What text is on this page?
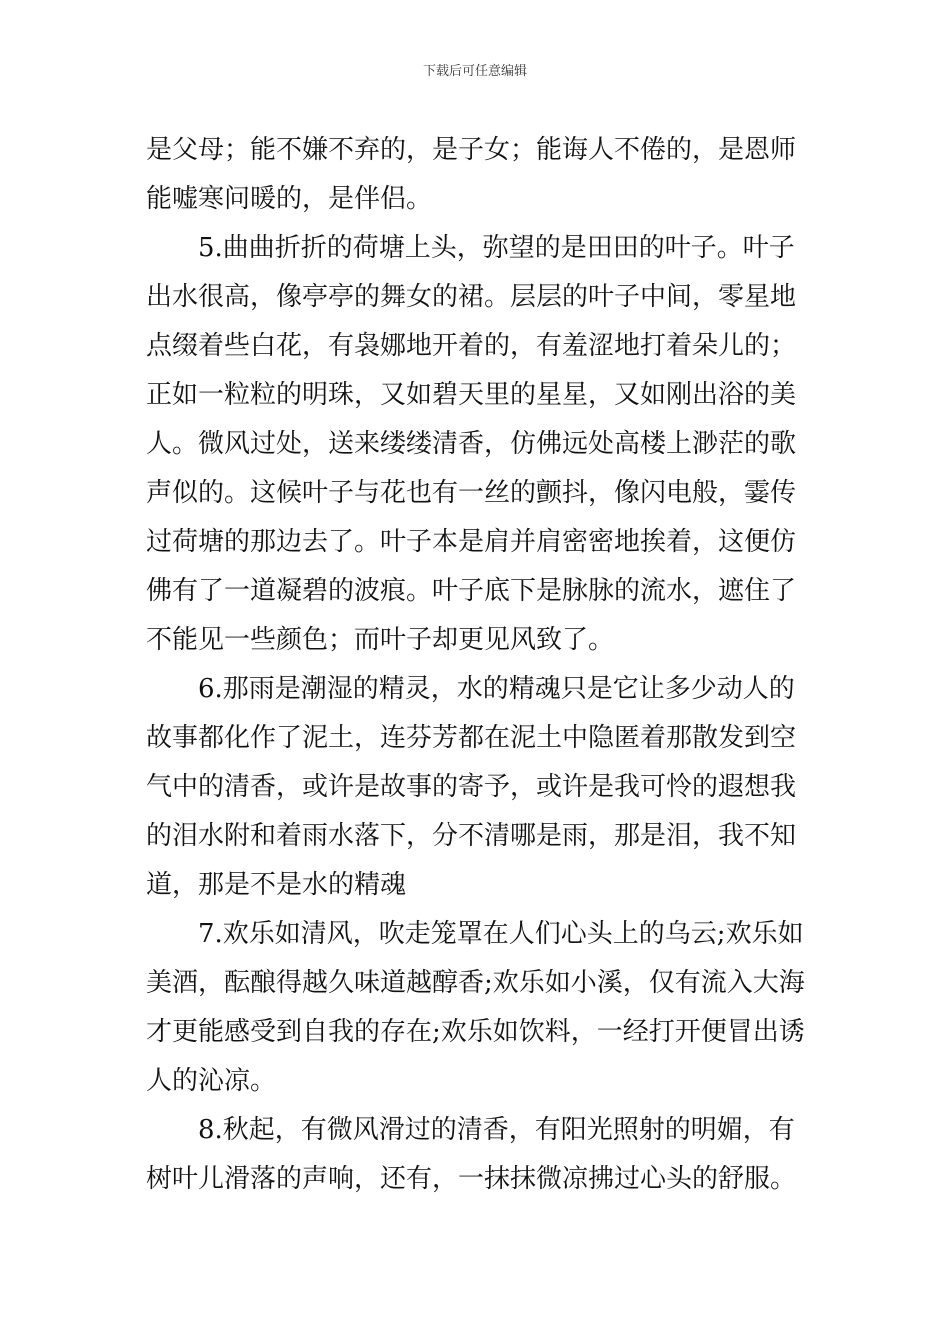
下载后可任意编辑
是父母；能不嫌不弃的，是子女；能诲人不倦的，是恩师
能嘘寒问暖的，是伴侣。
5.曲曲折折的荷塘上头，弥望的是田田的叶子。叶子
出水很高，像亭亭的舞女的裙。层层的叶子中间，零星地
点缀着些白花，有袅娜地开着的，有羞涩地打着朵儿的；
正如一粒粒的明珠，又如碧天里的星星，又如刚出浴的美
人。微风过处，送来缕缕清香，仿佛远处高楼上渺茫的歌
声似的。这候叶子与花也有一丝的颤抖，像闪电般，霎传
过荷塘的那边去了。叶子本是肩并肩密密地挨着，这便仿
佛有了一道凝碧的波痕。叶子底下是脉脉的流水，遮住了
不能见一些颜色；而叶子却更见风致了。
6.那雨是潮湿的精灵，水的精魂只是它让多少动人的
故事都化作了泥土，连芬芳都在泥土中隐匿着那散发到空
气中的清香，或许是故事的寄予，或许是我可怜的遐想我
的泪水附和着雨水落下，分不清哪是雨，那是泪，我不知
道，那是不是水的精魂
7.欢乐如清风，吹走笼罩在人们心头上的乌云;欢乐如
美酒，酝酿得越久味道越醇香;欢乐如小溪，仅有流入大海
才更能感受到自我的存在;欢乐如饮料，一经打开便冒出诱
人的沁凉。
8.秋起，有微风滑过的清香，有阳光照射的明媚，有
树叶儿滑落的声响，还有，一抹抹微凉拂过心头的舒服。
